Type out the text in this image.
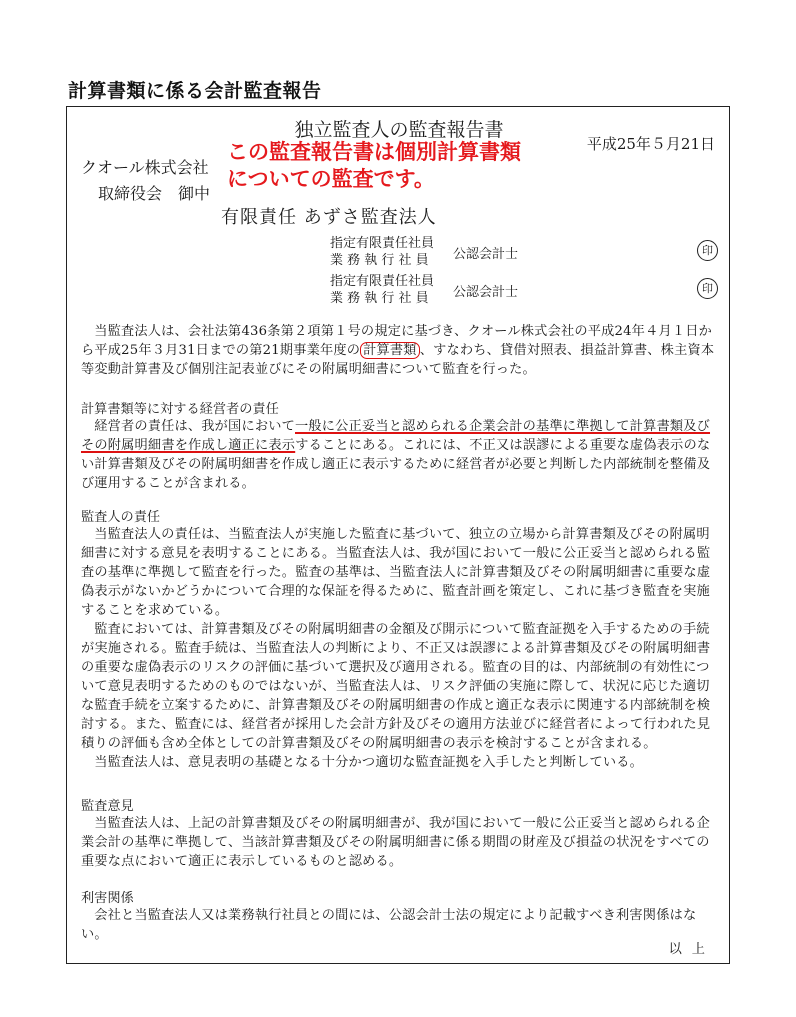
計算書類に係る会計監査報告
独立監査人の監査報告書
平成25年５月21日
クオール株式会社
取締役会　御中
この監査報告書は個別計算書類
についての監査です。
有限責任 あずさ監査法人
指定有限責任社員
業 務 執 行 社 員	公認会計士	印
指定有限責任社員
業 務 執 行 社 員	公認会計士	印

当監査法人は、会社法第436条第２項第１号の規定に基づき、クオール株式会社の平成24年４月１日から平成25年３月31日までの第21期事業年度の 計算書類 、すなわち、貸借対照表、損益計算書、株主資本等変動計算書及び個別注記表並びにその附属明細書について監査を行った。

計算書類等に対する経営者の責任

経営者の責任は、我が国において一般に公正妥当と認められる企業会計の基準に準拠して計算書類及びその附属明細書を作成し適正に表示することにある。これには、不正又は誤謬による重要な虚偽表示のない計算書類及びその附属明細書を作成し適正に表示するために経営者が必要と判断した内部統制を整備及び運用することが含まれる。

監査人の責任

当監査法人の責任は、当監査法人が実施した監査に基づいて、独立の立場から計算書類及びその附属明細書に対する意見を表明することにある。当監査法人は、我が国において一般に公正妥当と認められる監査の基準に準拠して監査を行った。監査の基準は、当監査法人に計算書類及びその附属明細書に重要な虚偽表示がないかどうかについて合理的な保証を得るために、監査計画を策定し、これに基づき監査を実施することを求めている。

監査においては、計算書類及びその附属明細書の金額及び開示について監査証拠を入手するための手続が実施される。監査手続は、当監査法人の判断により、不正又は誤謬による計算書類及びその附属明細書の重要な虚偽表示のリスクの評価に基づいて選択及び適用される。監査の目的は、内部統制の有効性について意見表明するためのものではないが、当監査法人は、リスク評価の実施に際して、状況に応じた適切な監査手続を立案するために、計算書類及びその附属明細書の作成と適正な表示に関連する内部統制を検討する。また、監査には、経営者が採用した会計方針及びその適用方法並びに経営者によって行われた見積りの評価も含め全体としての計算書類及びその附属明細書の表示を検討することが含まれる。

当監査法人は、意見表明の基礎となる十分かつ適切な監査証拠を入手したと判断している。

監査意見

当監査法人は、上記の計算書類及びその附属明細書が、我が国において一般に公正妥当と認められる企業会計の基準に準拠して、当該計算書類及びその附属明細書に係る期間の財産及び損益の状況をすべての重要な点において適正に表示しているものと認める。

利害関係

会社と当監査法人又は業務執行社員との間には、公認会計士法の規定により記載すべき利害関係はない。

以上
